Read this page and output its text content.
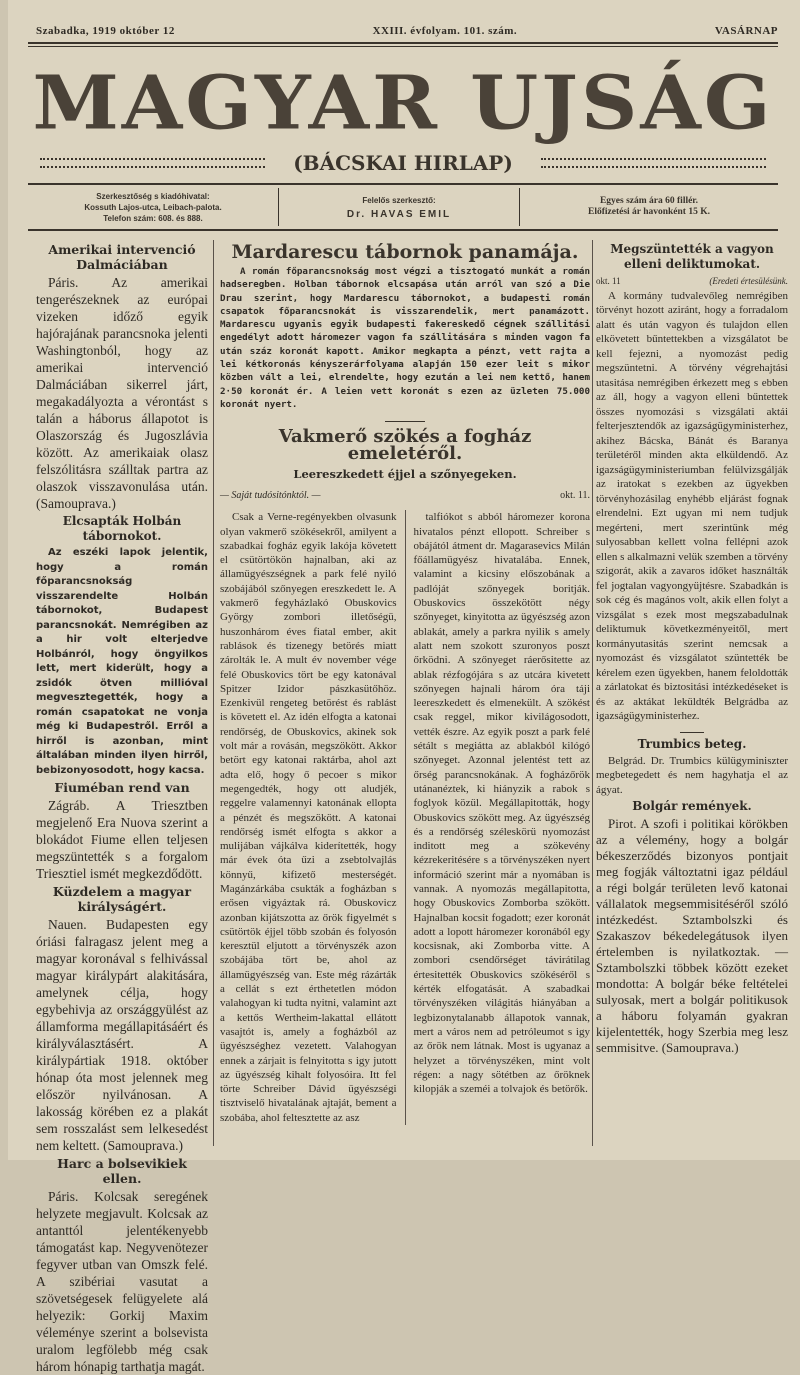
Szabadka, 1919 október 12	XXIII. évfolyam. 101. szám.	VASÁRNAP
MAGYAR UJSÁG
(BÁCSKAI HIRLAP)
Szerkesztőség s kiadóhivatal:
Kossuth Lajos-utca, Leibach-palota.
Telefon szám: 608. és 888.
Felelős szerkesztő:
Dr. HAVAS EMIL
Egyes szám ára 60 fillér.
Előfizetési ár havonként 15 K.
Amerikai intervenció Dalmáciában

Páris. Az amerikai tengerészeknek az európai vizeken időző egyik hajórajának parancsnoka jelenti Washingtonból, hogy az amerikai intervenció Dalmáciában sikerrel járt, megakadályozta a vérontást s talán a háborus állapotot is Olaszország és Jugoszlávia között. Az amerikaiak olasz felszólitásra szálltak partra az olaszok visszavonulása után. (Samouprava.)

Elcsapták Holbán tábornokot.

Az eszéki lapok jelentik, hogy a román főparancsnokság visszarendelte Holbán tábornokot, Budapest parancsnokát. Nemrégiben az a hir volt elterjedve Holbánról, hogy öngyilkos lett, mert kiderült, hogy a zsidók ötven millióval megvesztegették, hogy a román csapatokat ne vonja még ki Budapestről. Erről a hirről is azonban, mint általában minden ilyen hirről, bebizonyosodott, hogy kacsa.

Fiuméban rend van

Zágráb. A Triesztben megjelenő Era Nuova szerint a blokádot Fiume ellen teljesen megszüntették s a forgalom Triesztiel ismét megkezdődött.

Küzdelem a magyar királyságért.

Nauen. Budapesten egy óriási falragasz jelent meg a magyar koronával s felhivással magyar királypárt alakitására, amelynek célja, hogy egybehivja az országgyülést az államforma megállapitásáért és királyválasztásért. A királypártiak 1918. október hónap óta most jelennek meg először nyilvánosan. A lakosság körében ez a plakát sem rosszalást sem lelkesedést nem keltett. (Samouprava.)

Harc a bolsevikiek ellen.

Páris. Kolcsak seregének helyzete megjavult. Kolcsak az antanttól jelentékenyebb támogatást kap. Negyvenötezer fegyver utban van Omszk felé. A szibériai vasutat a szövetségesek felügyelete alá helyezik: Gorkij Maxim véleménye szerint a bolsevista uralom legfölebb még csak három hónapig tarthatja magát.

Mardarescu tábornok panamája.

A román főparancsnokság most végzi a tisztogató munkát a román hadseregben. Holban tábornok elcsapása után arról van szó a Die Drau szerint, hogy Mardarescu tábornokot, a budapesti román csapatok főparancsnokát is visszarendelik, mert panamázott. Mardarescu ugyanis egyik budapesti fakereskedő cégnek szállitási engedélyt adott háromezer vagon fa szállitására s minden vagon fa után száz koronát kapott. Amikor megkapta a pénzt, vett rajta a lei kétkoronás kényszerárfolyama alapján 150 ezer leit s mikor közben vált a lei, elrendelte, hogy ezután a lei nem kettő, hanem 2·50 koronát ér. A leien vett koronát s ezen az üzleten 75.000 koronát nyert.

Vakmerő szökés a fogház emeletéről.
Leereszkedett éjjel a szőnyegeken.
— Saját tudósitónktól. —	okt. 11.

Csak a Verne-regényekben olvasunk olyan vakmerő szökésekről, amilyent a szabadkai fogház egyik lakója követett el csütörtökön hajnalban, aki az államügyészségnek a park felé nyiló szobájából szőnyegen ereszkedett le. A vakmerő fegyházlakó Obuskovics György zombori illetőségü, huszonhárom éves fiatal ember, akit rablások és tizenegy betörés miatt zárolták le. A mult év november vége felé Obuskovics tört be egy katonával Spitzer Izidor pászkasütőhöz. Ezenkivül rengeteg betörést és rablást is követett el. Az idén elfogta a katonai rendőrség, de Obuskovics, akinek sok volt már a rovásán, megszökött. Akkor betört egy katonai raktárba, ahol azt adta elő, hogy ő pecoer s mikor megengedték, hogy ott aludjék, reggelre valamennyi katonának ellopta a pénzét és megszökött. A katonai rendőrség ismét elfogta s akkor a mulijában vájkálva kiderítették, hogy már évek óta űzi a zsebtolvajlás könnyű, kifizető mesterségét. Magánzárkába csukták a fogházban s erősen vigyáztak rá. Obuskovicz azonban kijátszotta az őrök figyelmét s csütörtök éjjel több szobán és folyosón keresztül eljutott a törvényszék azon szobájába tört be, ahol az államügyészség van. Este még rázárták a cellát s ezt érthetetlen módon valahogyan ki tudta nyitni, valamint azt a kettős Wertheim-lakattal ellátott vasajtót is, amely a fogházból az ügyészséghez vezetett. Valahogyan ennek a zárjait is felnyitotta s igy jutott az ügyészség kihalt folyosóira. Itt fel törte Schreiber Dávid ügyészségi tisztviselő hivatalának ajtaját, bement a szobába, ahol feltesztette az asz

talfiókot s abból háromezer korona hivatalos pénzt ellopott. Schreiber s obájától átment dr. Magarasevics Milán főállamügyész hivatalába. Ennek, valamint a kicsiny előszobának a padlóját szőnyegek boritják. Obuskovics összekötött négy szőnyeget, kinyitotta az ügyészség azon ablakát, amely a parkra nyilik s amely alatt nem szokott szuronyos poszt őrködni. A szőnyeget ráerősitette az ablak rézfogójára s az utcára kivetett szőnyegen hajnali három óra táji leereszkedett és elmenekült. A szökést csak reggel, mikor kivilágosodott, vették észre. Az egyik poszt a park felé sétált s megiátta az ablakból kilógó szőnyeget. Azonnal jelentést tett az őrség parancsnokának. A fogházőrök utánanéztek, ki hiányzik a rabok s foglyok közül. Megállapitották, hogy Obuskovics szökött meg. Az ügyészség és a rendőrség széleskörü nyomozást inditott meg a szökevény kézrekeritésére s a törvényszéken nyert információ szerint már a nyomában is vannak. A nyomozás megállapitotta, hogy Obuskovics Zomborba szökött. Hajnalban kocsit fogadott; ezer koronát adott a lopott háromezer koronából egy kocsisnak, aki Zomborba vitte. A zombori csendőrséget távirátilag értesitették Obuskovics szökéséről s kérték elfogatását. A szabadkai törvényszéken világitás hiányában a legbizonytalanabb állapotok vannak, mert a város nem ad petróleumot s igy az őrök nem látnak. Most is ugyanaz a helyzet a törvényszéken, mint volt régen: a nagy sötétben az őröknek kilopják a szeméi a tolvajok és betörők.

Megszüntették a vagyon elleni deliktumokat.
okt. 11	(Eredeti értesülésünk.

A kormány tudvalevőleg nemrégiben törvényt hozott aziránt, hogy a forradalom alatt és után vagyon és tulajdon ellen elkövetett bűntettekben a vizsgálatot be kell fejezni, a nyomozást pedig megszüntetni. A törvény végrehajtási utasitása nemrégiben érkezett meg s ebben az áll, hogy a vagyon elleni bűntettek összes nyomozási s vizsgálati aktái felterjesztendők az igazságügyministerhez, akihez Bácska, Bánát és Baranya területéről minden akta elküldendő. Az igazságügyministeriumban felülvizsgálják az iratokat s ezekben az ügyekben törvényhozásilag enyhébb eljárást fognak elrendelni. Ezt ugyan mi nem tudjuk megérteni, mert szerintünk még sulyosabban kellett volna fellépni azok ellen s alkalmazni velük szemben a törvény szigorát, akik a zavaros időket használták fel jogtalan vagyongyüjtésre. Szabadkán is sok cég és magános volt, akik ellen folyt a vizsgálat s ezek most megszabadulnak deliktumuk következményeitől, mert kormányutasitás szerint nemcsak a nyomozást és vizsgálatot szüntették be kérelem ezen ügyekben, hanem feloldották a zárlatokat és biztositási intézkedéseket is és az aktákat leküldték Belgrádba az igazságügyministerhez.

Trumbics beteg.

Belgrád. Dr. Trumbics külügyminiszter megbetegedett és nem hagyhatja el az ágyat.

Bolgár remények.

Pirot. A szofi i politikai körökben az a vélemény, hogy a bolgár békeszerződés bizonyos pontjait meg fogják változtatni igaz például a régi bolgár területen levő katonai vállalatok megsemmisitéséről szóló intézkedést. Sztambolszki és Szakaszov békedelegátusok ilyen értelemben is nyilatkoztak. — Sztambolszki többek között ezeket mondotta: A bolgár béke feltételei sulyosak, mert a bolgár politikusok a háboru folyamán gyakran kijelentették, hogy Szerbia meg lesz semmisitve. (Samouprava.)
